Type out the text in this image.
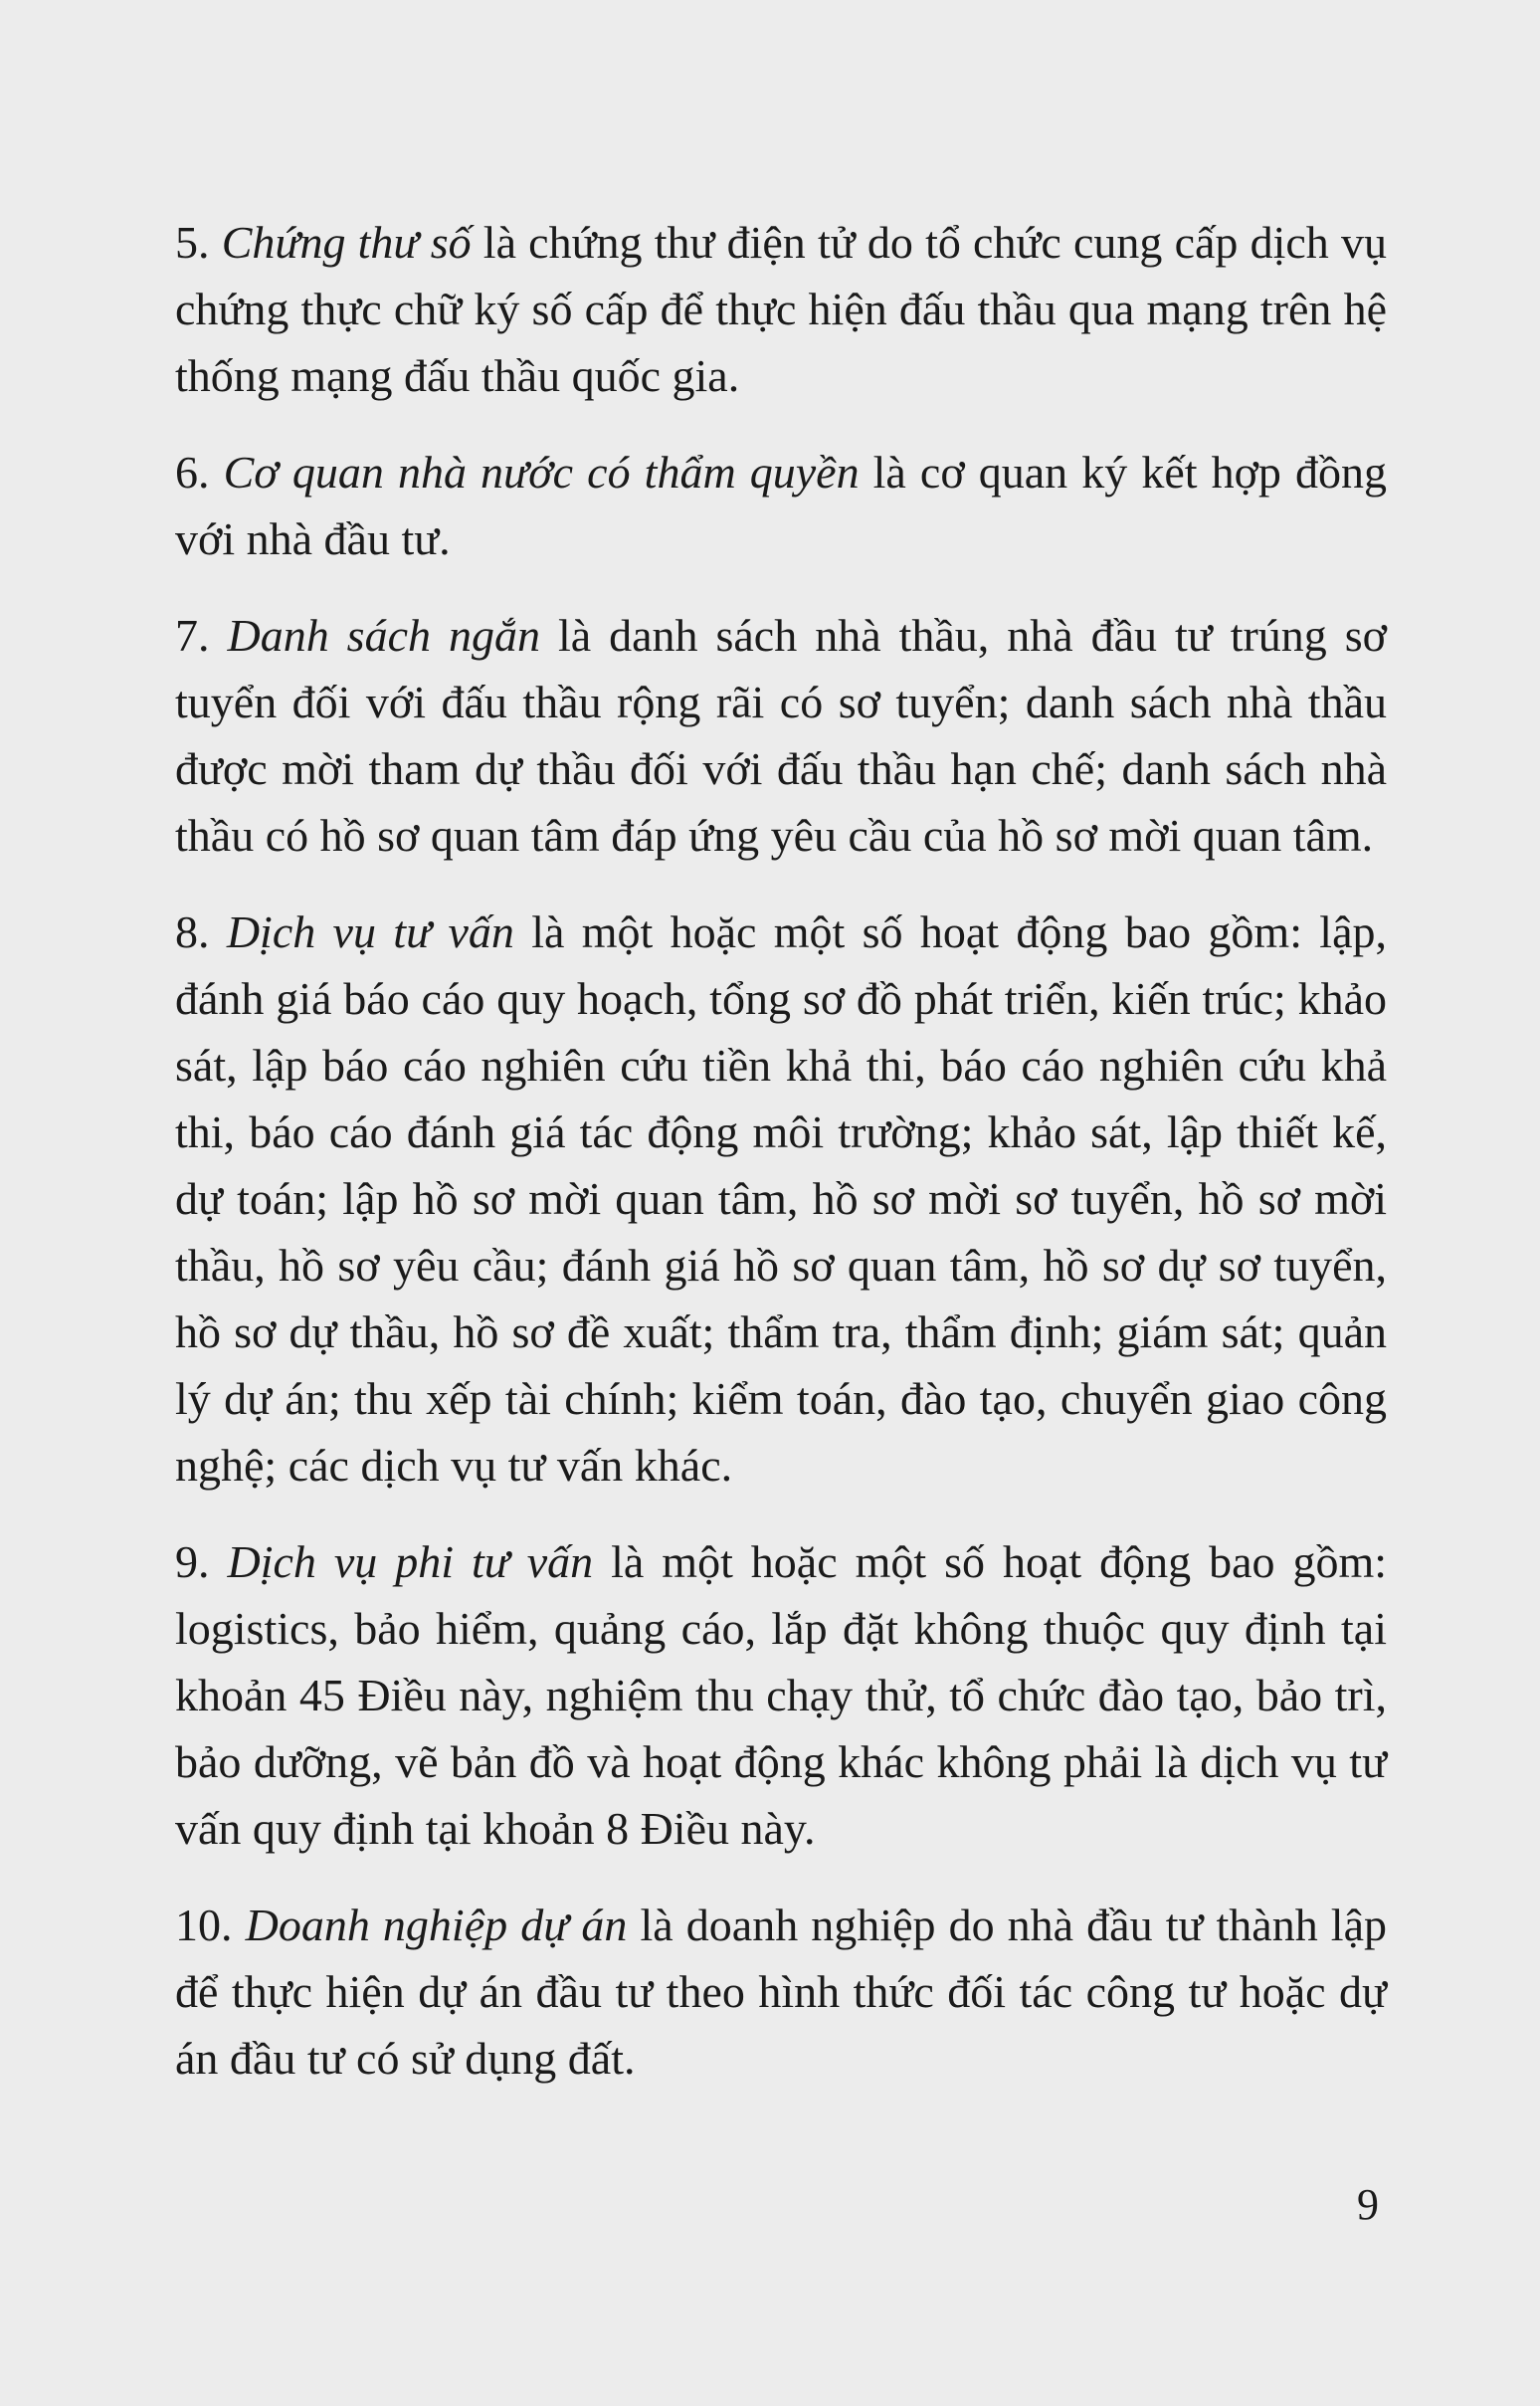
5. Chứng thư số là chứng thư điện tử do tổ chức cung cấp dịch vụ chứng thực chữ ký số cấp để thực hiện đấu thầu qua mạng trên hệ thống mạng đấu thầu quốc gia.

6. Cơ quan nhà nước có thẩm quyền là cơ quan ký kết hợp đồng với nhà đầu tư.

7. Danh sách ngắn là danh sách nhà thầu, nhà đầu tư trúng sơ tuyển đối với đấu thầu rộng rãi có sơ tuyển; danh sách nhà thầu được mời tham dự thầu đối với đấu thầu hạn chế; danh sách nhà thầu có hồ sơ quan tâm đáp ứng yêu cầu của hồ sơ mời quan tâm.

8. Dịch vụ tư vấn là một hoặc một số hoạt động bao gồm: lập, đánh giá báo cáo quy hoạch, tổng sơ đồ phát triển, kiến trúc; khảo sát, lập báo cáo nghiên cứu tiền khả thi, báo cáo nghiên cứu khả thi, báo cáo đánh giá tác động môi trường; khảo sát, lập thiết kế, dự toán; lập hồ sơ mời quan tâm, hồ sơ mời sơ tuyển, hồ sơ mời thầu, hồ sơ yêu cầu; đánh giá hồ sơ quan tâm, hồ sơ dự sơ tuyển, hồ sơ dự thầu, hồ sơ đề xuất; thẩm tra, thẩm định; giám sát; quản lý dự án; thu xếp tài chính; kiểm toán, đào tạo, chuyển giao công nghệ; các dịch vụ tư vấn khác.

9. Dịch vụ phi tư vấn là một hoặc một số hoạt động bao gồm: logistics, bảo hiểm, quảng cáo, lắp đặt không thuộc quy định tại khoản 45 Điều này, nghiệm thu chạy thử, tổ chức đào tạo, bảo trì, bảo dưỡng, vẽ bản đồ và hoạt động khác không phải là dịch vụ tư vấn quy định tại khoản 8 Điều này.

10. Doanh nghiệp dự án là doanh nghiệp do nhà đầu tư thành lập để thực hiện dự án đầu tư theo hình thức đối tác công tư hoặc dự án đầu tư có sử dụng đất.

9
